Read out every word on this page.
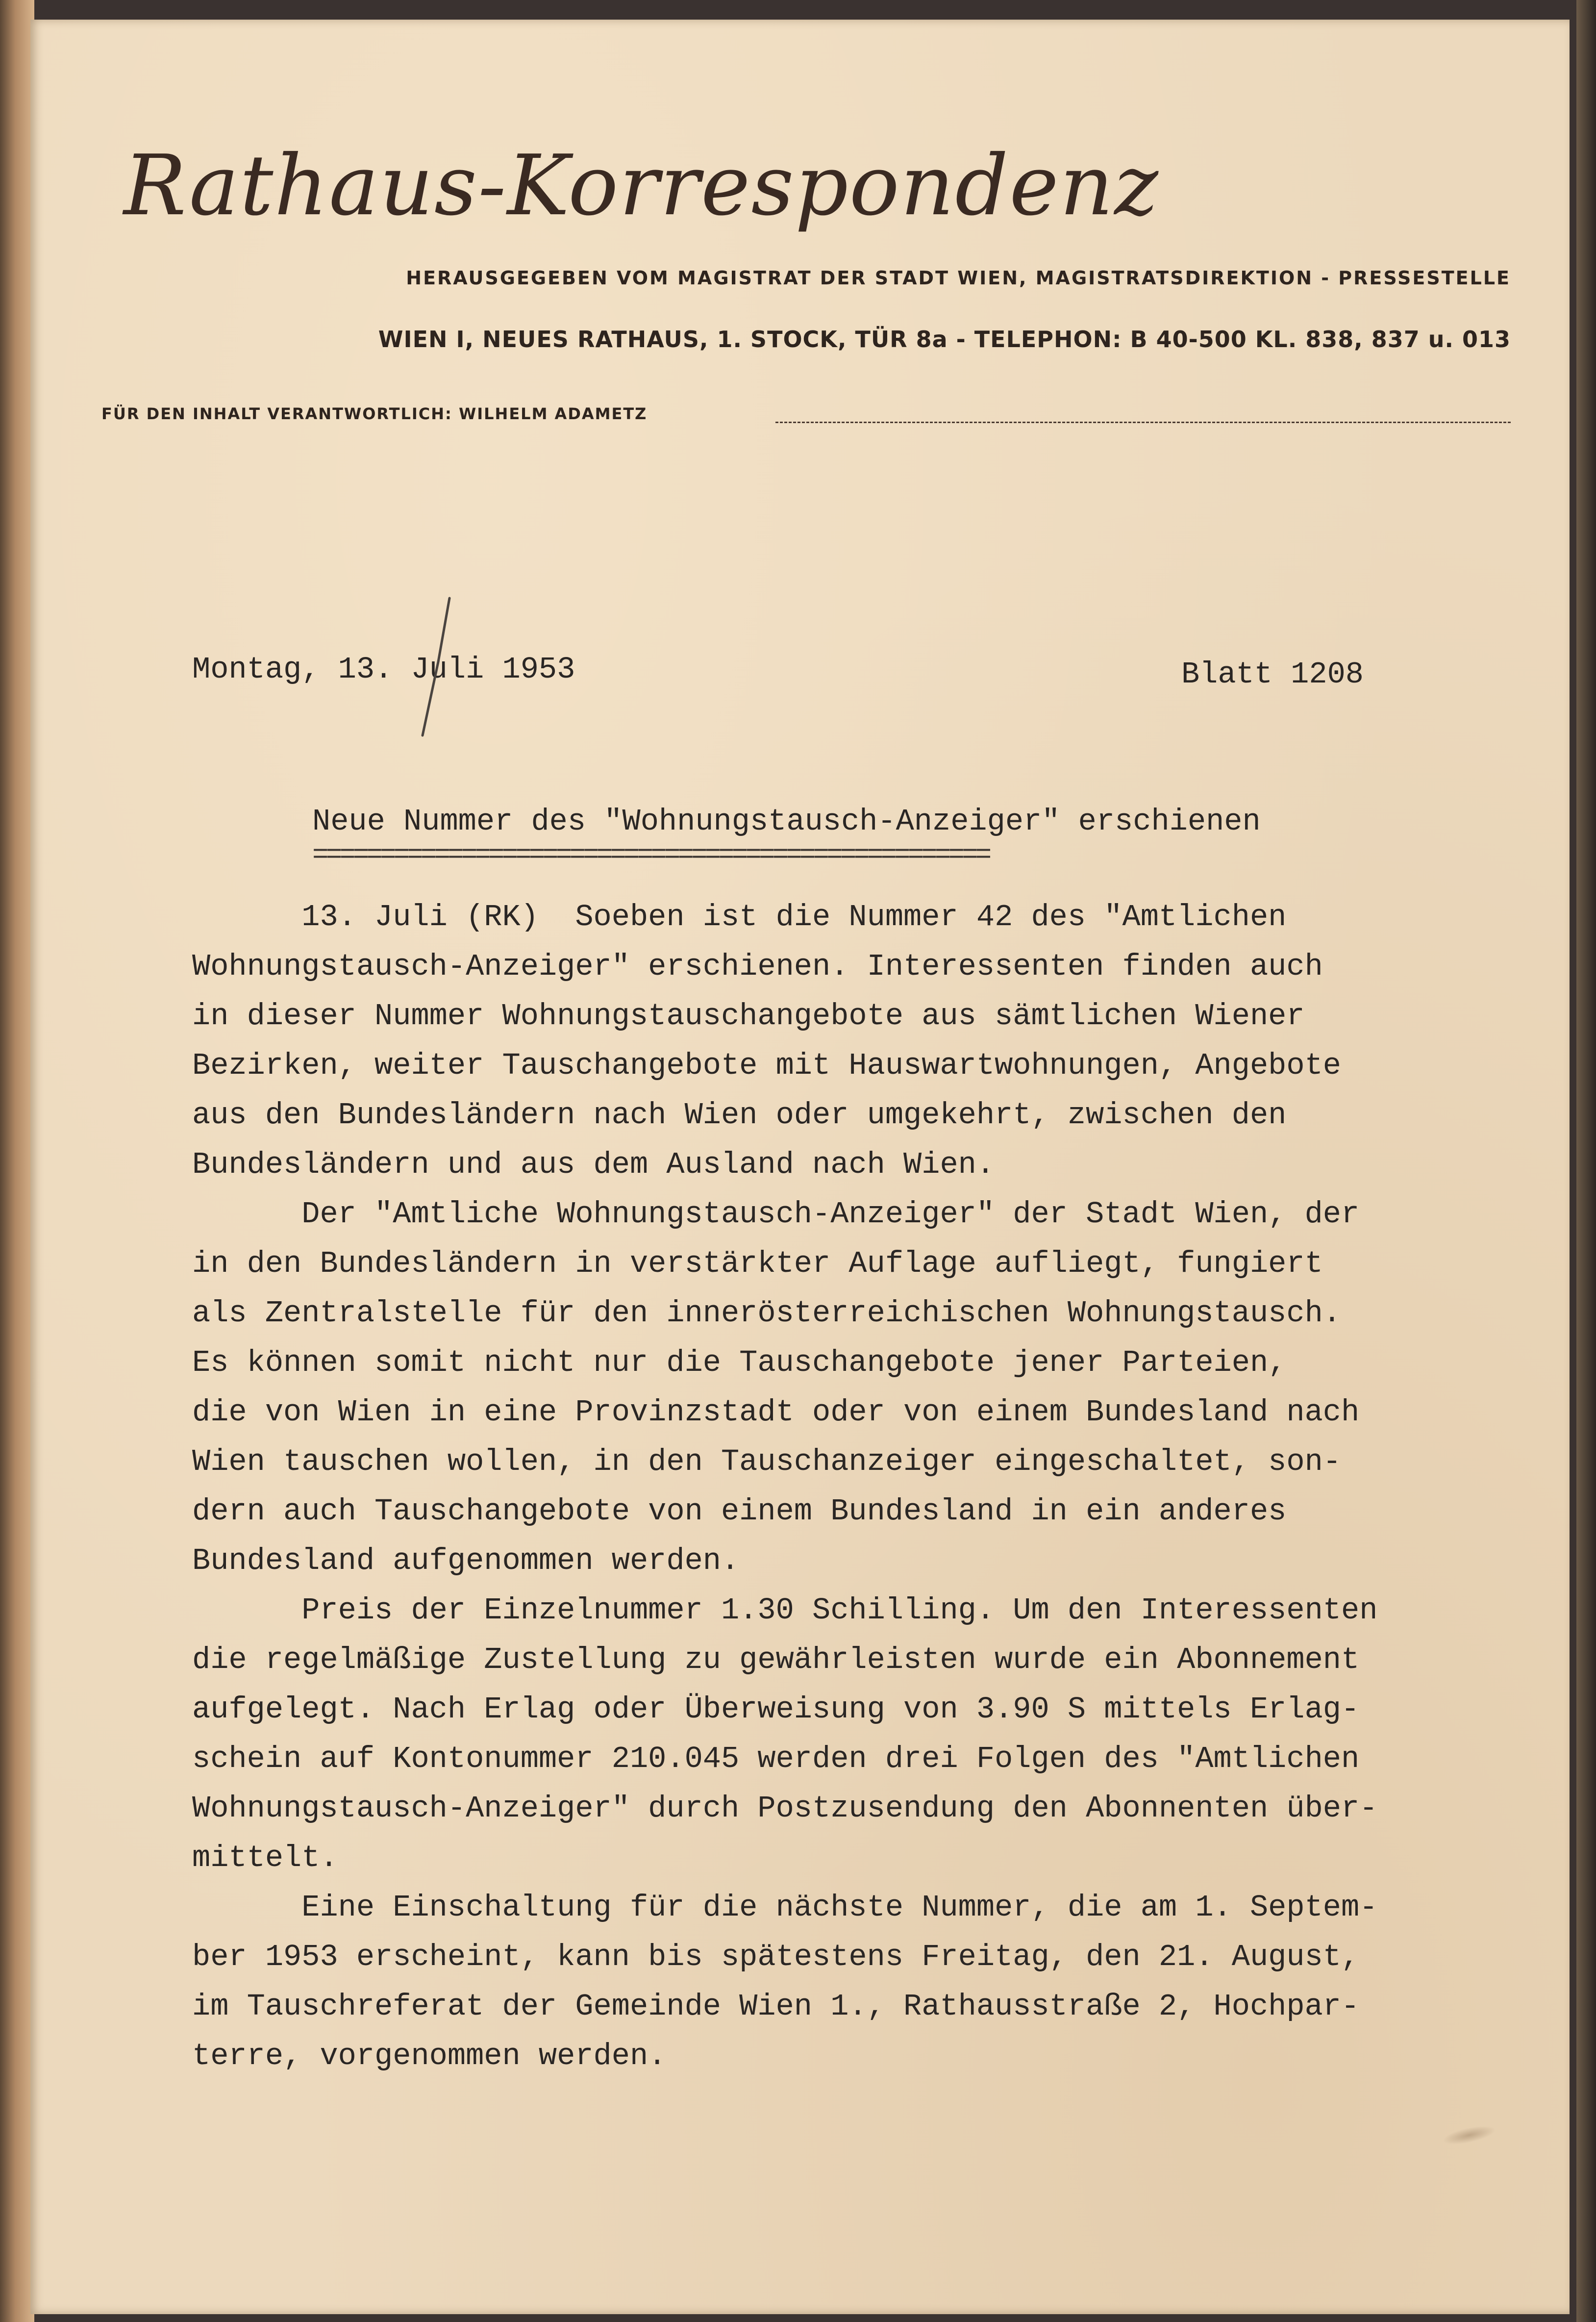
Rathaus-Korrespondenz
HERAUSGEGEBEN VOM MAGISTRAT DER STADT WIEN, MAGISTRATSDIREKTION - PRESSESTELLE
WIEN I, NEUES RATHAUS, 1. STOCK, TÜR 8a - TELEPHON: B 40-500 KL. 838, 837 u. 013
FÜR DEN INHALT VERANTWORTLICH: WILHELM ADAMETZ
Montag, 13. Juli 1953	Blatt 1208
Neue Nummer des "Wohnungstausch-Anzeiger" erschienen
==================================================
13. Juli (RK)  Soeben ist die Nummer 42 des "Amtlichen
Wohnungstausch-Anzeiger" erschienen. Interessenten finden auch
in dieser Nummer Wohnungstauschangebote aus sämtlichen Wiener
Bezirken, weiter Tauschangebote mit Hauswartwohnungen, Angebote
aus den Bundesländern nach Wien oder umgekehrt, zwischen den
Bundesländern und aus dem Ausland nach Wien.
Der "Amtliche Wohnungstausch-Anzeiger" der Stadt Wien, der
in den Bundesländern in verstärkter Auflage aufliegt, fungiert
als Zentralstelle für den innerösterreichischen Wohnungstausch.
Es können somit nicht nur die Tauschangebote jener Parteien,
die von Wien in eine Provinzstadt oder von einem Bundesland nach
Wien tauschen wollen, in den Tauschanzeiger eingeschaltet, son-
dern auch Tauschangebote von einem Bundesland in ein anderes
Bundesland aufgenommen werden.
Preis der Einzelnummer 1.30 Schilling. Um den Interessenten
die regelmäßige Zustellung zu gewährleisten wurde ein Abonnement
aufgelegt. Nach Erlag oder Überweisung von 3.90 S mittels Erlag-
schein auf Kontonummer 210.045 werden drei Folgen des "Amtlichen
Wohnungstausch-Anzeiger" durch Postzusendung den Abonnenten über-
mittelt.
Eine Einschaltung für die nächste Nummer, die am 1. Septem-
ber 1953 erscheint, kann bis spätestens Freitag, den 21. August,
im Tauschreferat der Gemeinde Wien 1., Rathausstraße 2, Hochpar-
terre, vorgenommen werden.
